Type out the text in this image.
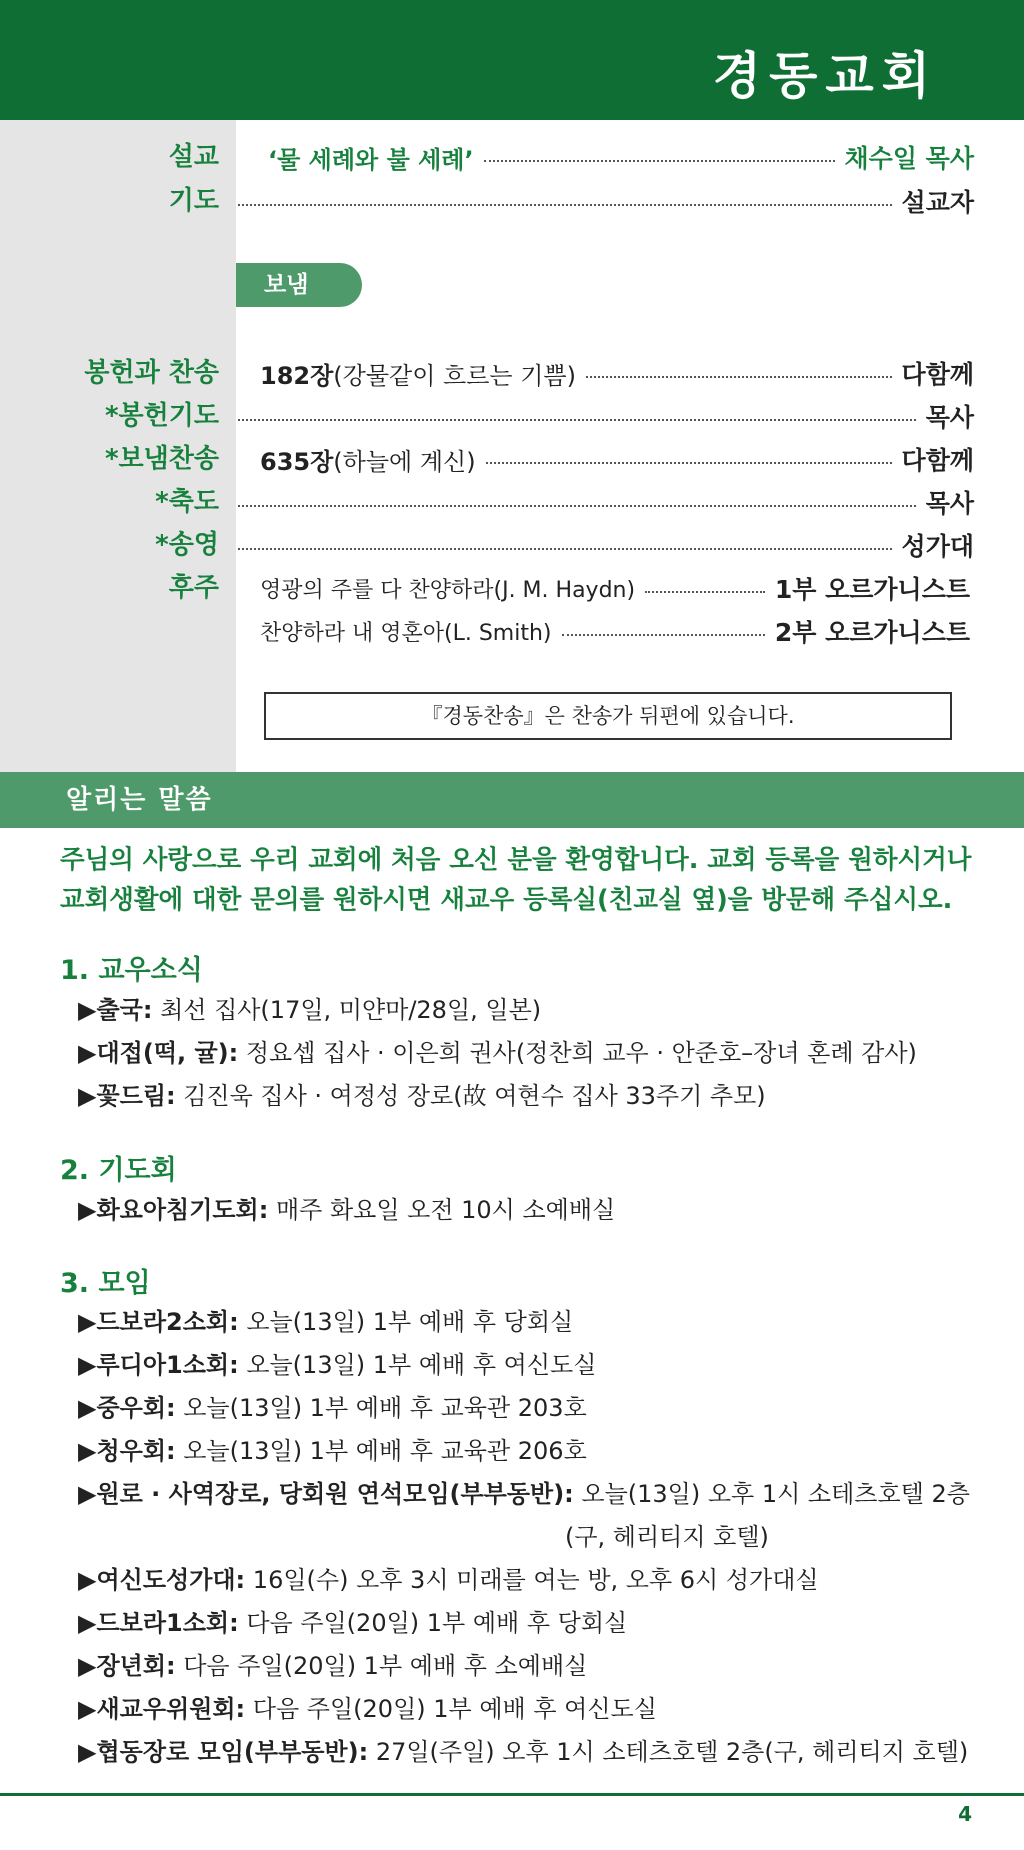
경동교회
설교	‘물 세례와 불 세례’	채수일 목사
기도	설교자
보냄
봉헌과 찬송	182장(강물같이 흐르는 기쁨)	다함께
*봉헌기도	목사
*보냄찬송	635장(하늘에 계신)	다함께
*축도	목사
*송영	성가대
후주	영광의 주를 다 찬양하라(J. M. Haydn)	1부 오르가니스트
찬양하라 내 영혼아(L. Smith)	2부 오르가니스트
『경동찬송』은 찬송가 뒤편에 있습니다.
알리는 말씀
주님의 사랑으로 우리 교회에 처음 오신 분을 환영합니다. 교회 등록을 원하시거나
교회생활에 대한 문의를 원하시면 새교우 등록실(친교실 옆)을 방문해 주십시오.
1. 교우소식
▶출국: 최선 집사(17일, 미얀마/28일, 일본)
▶대접(떡, 귤): 정요셉 집사 · 이은희 권사(정찬희 교우 · 안준호–장녀 혼례 감사)
▶꽃드림: 김진욱 집사 · 여정성 장로(故 여현수 집사 33주기 추모)
2. 기도회
▶화요아침기도회: 매주 화요일 오전 10시 소예배실
3. 모임
▶드보라2소회: 오늘(13일) 1부 예배 후 당회실
▶루디아1소회: 오늘(13일) 1부 예배 후 여신도실
▶중우회: 오늘(13일) 1부 예배 후 교육관 203호
▶청우회: 오늘(13일) 1부 예배 후 교육관 206호
▶원로 · 사역장로, 당회원 연석모임(부부동반): 오늘(13일) 오후 1시 소테츠호텔 2층
(구, 헤리티지 호텔)
▶여신도성가대: 16일(수) 오후 3시 미래를 여는 방, 오후 6시 성가대실
▶드보라1소회: 다음 주일(20일) 1부 예배 후 당회실
▶장년회: 다음 주일(20일) 1부 예배 후 소예배실
▶새교우위원회: 다음 주일(20일) 1부 예배 후 여신도실
▶협동장로 모임(부부동반): 27일(주일) 오후 1시 소테츠호텔 2층(구, 헤리티지 호텔)
4
